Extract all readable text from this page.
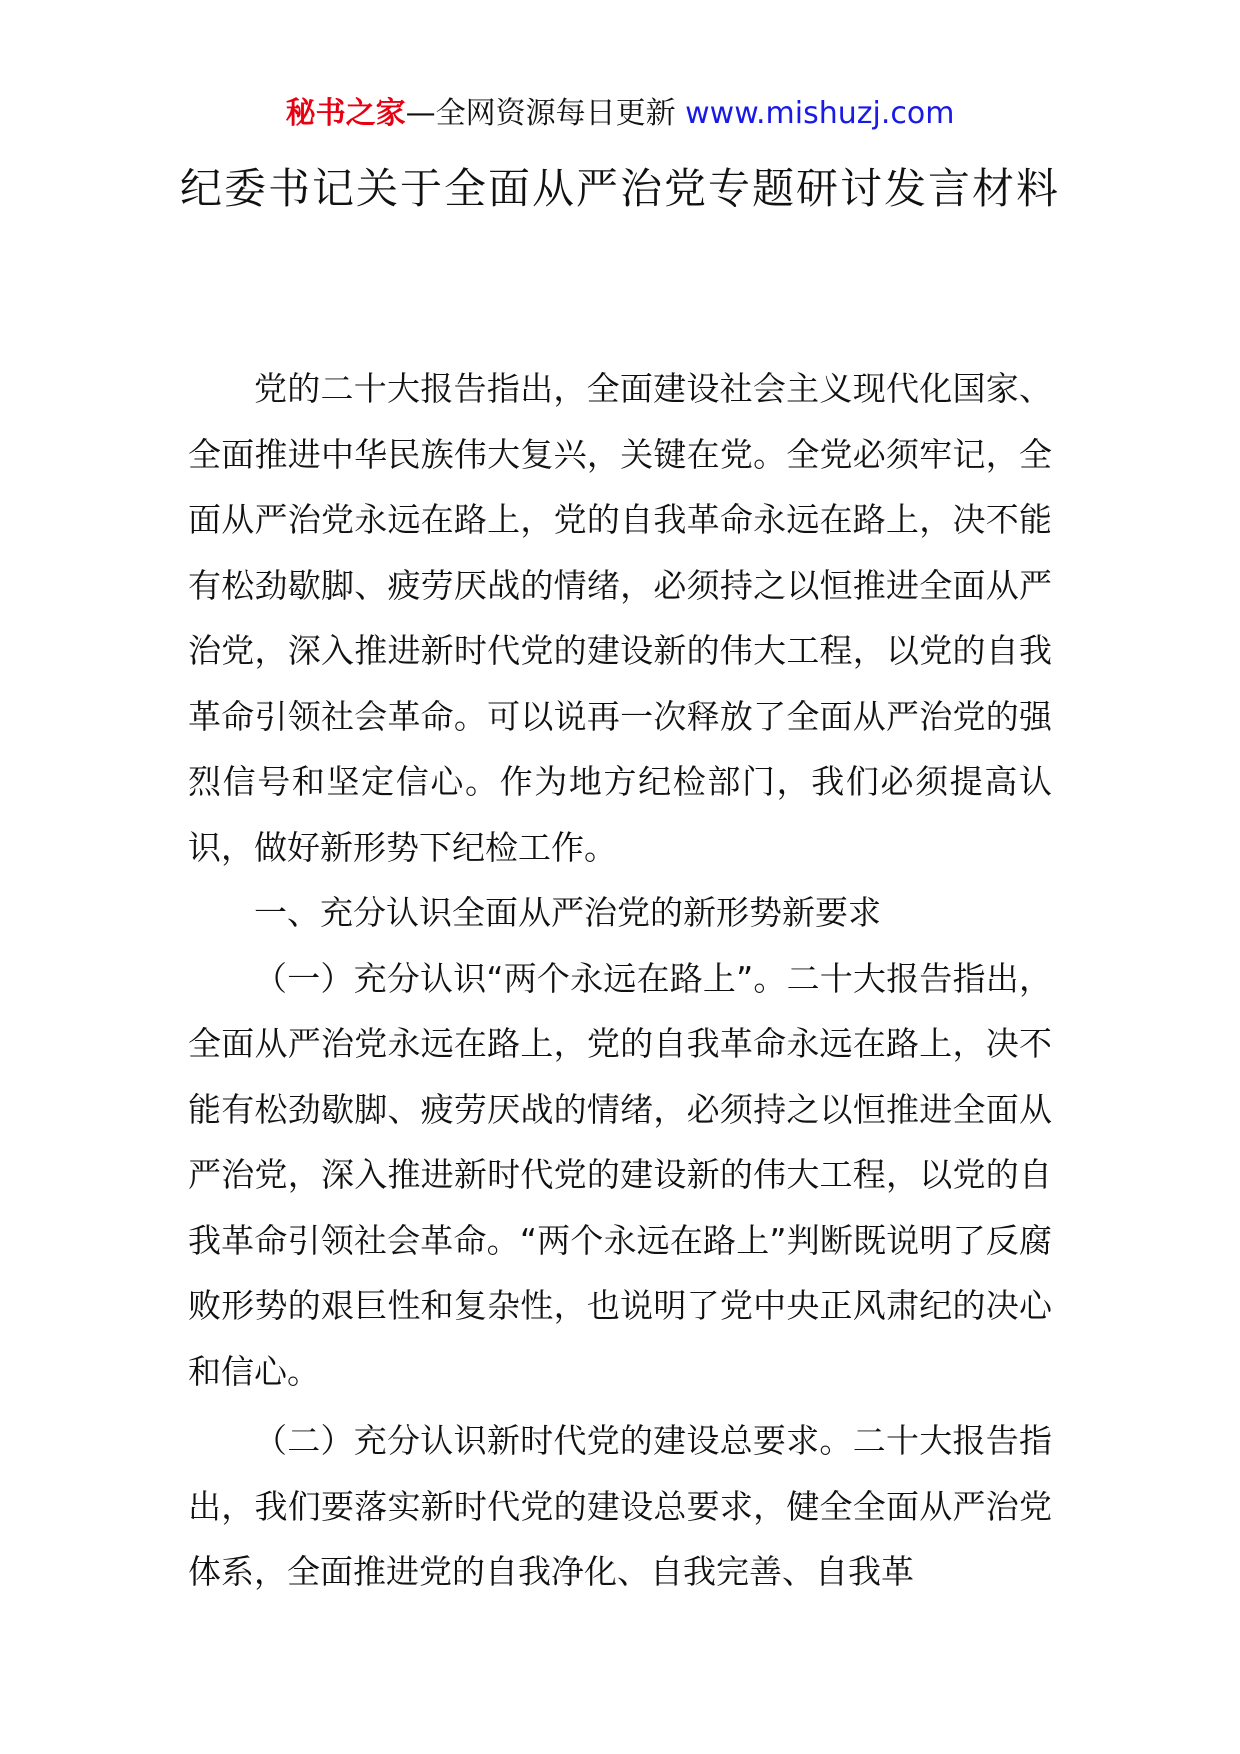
秘书之家—全网资源每日更新 www.mishuzj.com
纪委书记关于全面从严治党专题研讨发言材料

党的二十大报告指出，全面建设社会主义现代化国家、全面推进中华民族伟大复兴，关键在党。全党必须牢记，全面从严治党永远在路上，党的自我革命永远在路上，决不能有松劲歇脚、疲劳厌战的情绪，必须持之以恒推进全面从严治党，深入推进新时代党的建设新的伟大工程，以党的自我革命引领社会革命。可以说再一次释放了全面从严治党的强烈信号和坚定信心。作为地方纪检部门，我们必须提高认识，做好新形势下纪检工作。

一、充分认识全面从严治党的新形势新要求

（一）充分认识“两个永远在路上”。二十大报告指出，全面从严治党永远在路上，党的自我革命永远在路上，决不能有松劲歇脚、疲劳厌战的情绪，必须持之以恒推进全面从严治党，深入推进新时代党的建设新的伟大工程，以党的自我革命引领社会革命。“两个永远在路上”判断既说明了反腐败形势的艰巨性和复杂性，也说明了党中央正风肃纪的决心和信心。

（二）充分认识新时代党的建设总要求。二十大报告指出，我们要落实新时代党的建设总要求，健全全面从严治党体系，全面推进党的自我净化、自我完善、自我革
